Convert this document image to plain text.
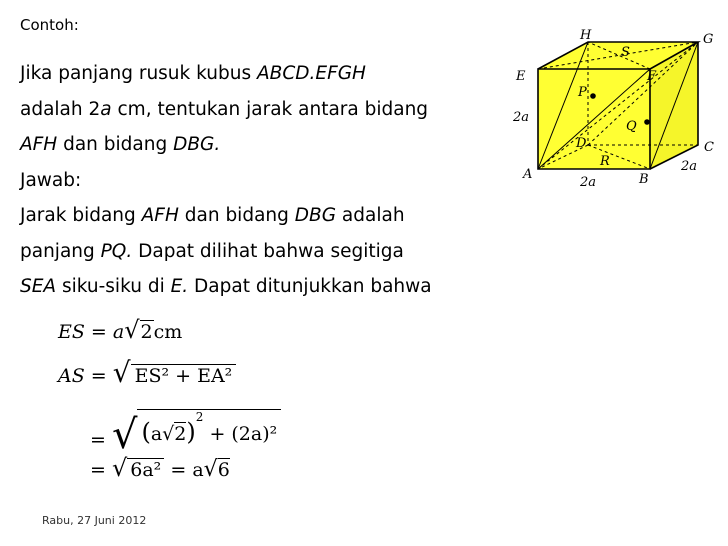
Contoh:
Jika panjang rusuk kubus ABCD.EFGH
adalah 2a cm, tentukan jarak antara bidang
AFH dan bidang DBG.
Jawab:
Jarak bidang AFH dan bidang DBG adalah
panjang PQ. Dapat dilihat bahwa segitiga
SEA siku-siku di E. Dapat ditunjukkan bahwa
ES = a√2cm
AS = √ ES² + EA²
= √ $(a√2)^2 + (2a)^2$
= √ 6a² = a√6
H	G
S
E	F
P
Q
D
R
C
A	B
2a
2a
2a
Rabu, 27 Juni 2012
